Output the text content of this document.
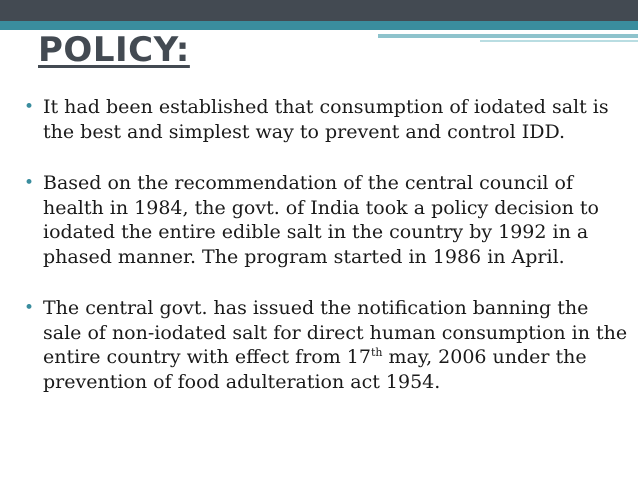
POLICY:
• It had been established that consumption of iodated salt is the best and simplest way to prevent and control IDD.
• Based on the recommendation of the central council of health in 1984, the govt. of India took a policy decision to iodated the entire edible salt in the country by 1992 in a phased manner. The program started in 1986 in April.
• The central govt. has issued the notification banning the sale of non-iodated salt for direct human consumption in the entire country with effect from 17th may, 2006 under the prevention of food adulteration act 1954.
